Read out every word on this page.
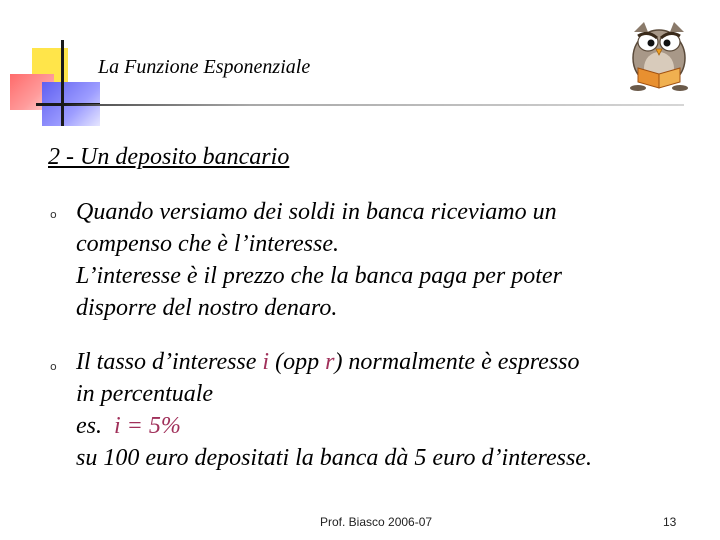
La Funzione Esponenziale
2 - Un deposito bancario
o Quando versiamo dei soldi in banca riceviamo un
compenso che è l’interesse.
L’interesse è il prezzo che la banca paga per poter
disporre del nostro denaro.
o Il tasso d’interesse i (opp r) normalmente è espresso
in percentuale
es.  i = 5%
su 100 euro depositati la banca dà 5 euro d’interesse.
Prof. Biasco 2006-07	13
